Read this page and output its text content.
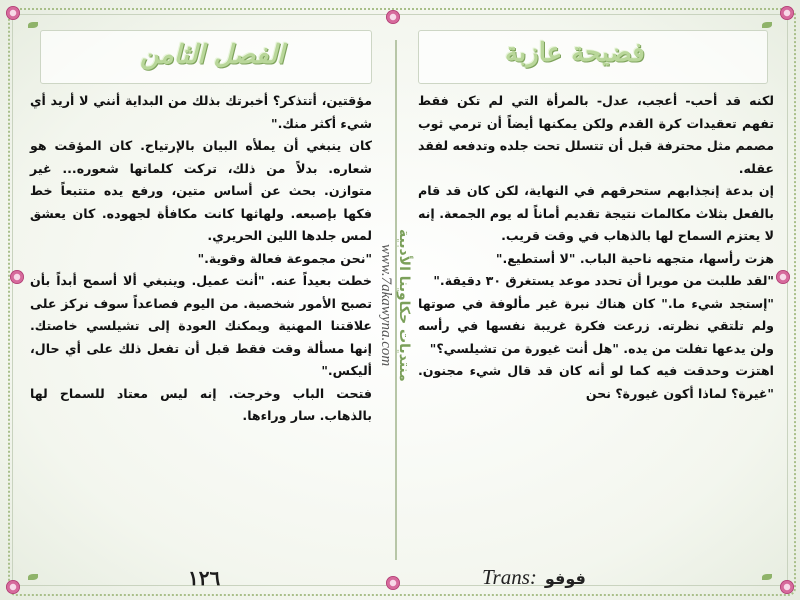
فضيحة عازبة
الفصل الثامن

لكنه قد أحب- أعجب، عدل- بالمرأة التي لم تكن فقط تفهم تعقيدات كرة القدم ولكن يمكنها أيضاً أن ترمي ثوب مصمم مثل محترفة قبل أن تتسلل تحت جلده وتدفعه لفقد عقله.

إن بدعة إنجذابهم ستحرقهم في النهاية، لكن كان قد قام بالفعل بثلاث مكالمات نتيجة تقديم أماناً له يوم الجمعة. إنه لا يعتزم السماح لها بالذهاب في وقت قريب.

هزت رأسها، متجهه ناحية الباب. "لا أستطيع."

"لقد طلبت من مويرا أن تحدد موعد يستغرق ٣٠ دقيقة."

"إستجد شيء ما." كان هناك نبرة غير مألوفة في صوتها ولم تلتقي نظرته. زرعت فكرة غريبة نفسها في رأسه ولن يدعها تفلت من يده. "هل أنت غيورة من تشيلسي؟"

اهتزت وحدقت فيه كما لو أنه كان قد قال شيء مجنون. "غيرة؟ لماذا أكون غيورة؟ نحن

مؤقتين، أتتذكر؟ أخبرتك بذلك من البداية أنني لا أريد أي شيء أكثر منك."

كان ينبغي أن يملأه البيان بالإرتياح. كان المؤقت هو شعاره. بدلاً من ذلك، تركت كلماتها شعوره... غير متوازن. بحث عن أساس متين، ورفع يده متتبعاً خط فكها بإصبعه. ولهاثها كانت مكافأة لجهوده. كان يعشق لمس جلدها اللين الحريري.

"نحن مجموعة فعالة وقوية."

خطت بعيداً عنه. "أنت عميل. وينبغي ألا أسمح أبداً بأن تصبح الأمور شخصية. من اليوم فصاعداً سوف نركز على علاقتنا المهنية ويمكنك العودة إلى تشيلسي خاصتك. إنها مسألة وقت فقط قبل أن تفعل ذلك على أي حال، أليكس."

فتحت الباب وخرجت. إنه ليس معتاد للسماح لها بالذهاب. سار وراءها.

منتديات حكاوينا الأدبية
www.7akawyna.com
١٢٦	Trans: فوفو
